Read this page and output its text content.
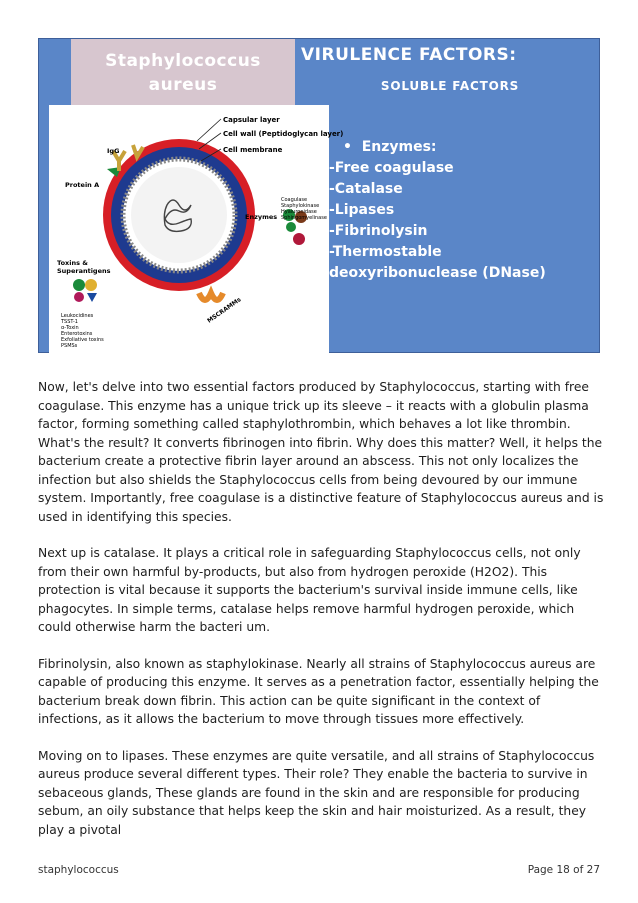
Staphylococcus
aureus
VIRULENCE FACTORS:
SOLUBLE FACTORS
•  Enzymes:
-Free coagulase
-Catalase
-Lipases
-Fibrinolysin
-Thermostable
deoxyribonuclease (DNase)
Capsular layer
Cell wall (Peptidoglycan layer)
Cell membrane
IgG
Protein A
Enzymes
Toxins &
Superantigens
MSCRAMMs
Coagulase
Staphylokinase
Hyaluronidase
Sphingomyelinase
Leukocidines
TSST-1
α-Toxin
Enterotoxins
Exfoliative toxins
PSMSs

Now, let's delve into two essential factors produced by Staphylococcus, starting with free coagulase. This enzyme has a unique trick up its sleeve – it reacts with a globulin plasma factor, forming something called staphylothrombin, which behaves a lot like thrombin. What's the result? It converts fibrinogen into fibrin. Why does this matter? Well, it helps the bacterium create a protective fibrin layer around an abscess. This not only localizes the infection but also shields the Staphylococcus cells from being devoured by our immune system. Importantly, free coagulase is a distinctive feature of Staphylococcus aureus and is used in identifying this species.

Next up is catalase. It plays a critical role in safeguarding Staphylococcus cells, not only from their own harmful by-products, but also from hydrogen peroxide (H2O2). This protection is vital because it supports the bacterium's survival inside immune cells, like phagocytes. In simple terms, catalase helps remove harmful hydrogen peroxide, which could otherwise harm the bacteri um.

Fibrinolysin, also known as staphylokinase. Nearly all strains of Staphylococcus aureus are capable of producing this enzyme. It serves as a penetration factor, essentially helping the bacterium break down fibrin. This action can be quite significant in the context of infections, as it allows the bacterium to move through tissues more effectively.

Moving on to lipases. These enzymes are quite versatile, and all strains of Staphylococcus aureus produce several different types. Their role? They enable the bacteria to survive in sebaceous glands, These glands are found in the skin and are responsible for producing sebum, an oily substance that helps keep the skin and hair moisturized. As a result, they play a pivotal

staphylococcus	Page 18 of 27
